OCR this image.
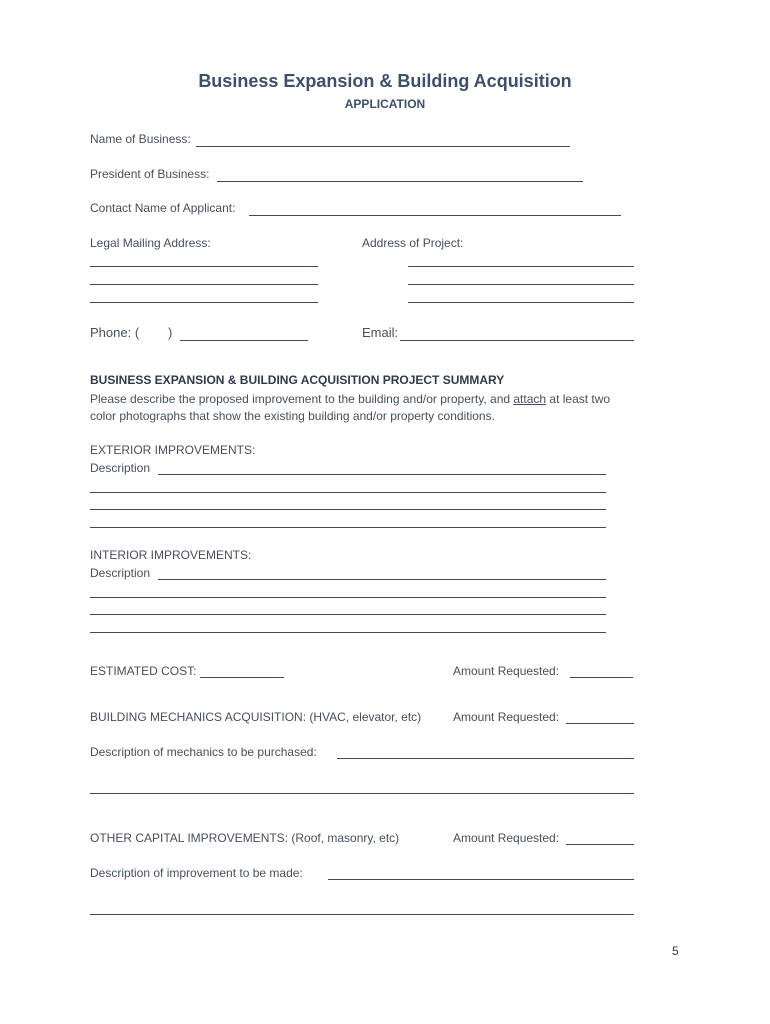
Business Expansion & Building Acquisition
APPLICATION
Name of Business:
President of Business:
Contact Name of Applicant:
Legal Mailing Address:	Address of Project:
Phone: (        )	Email:
BUSINESS EXPANSION & BUILDING ACQUISITION PROJECT SUMMARY
Please describe the proposed improvement to the building and/or property, and attach at least two
color photographs that show the existing building and/or property conditions.
EXTERIOR IMPROVEMENTS:
Description
INTERIOR IMPROVEMENTS:
Description
ESTIMATED COST:	Amount Requested:
BUILDING MECHANICS ACQUISITION: (HVAC, elevator, etc)	Amount Requested:
Description of mechanics to be purchased:
OTHER CAPITAL IMPROVEMENTS: (Roof, masonry, etc)	Amount Requested:
Description of improvement to be made:
5
